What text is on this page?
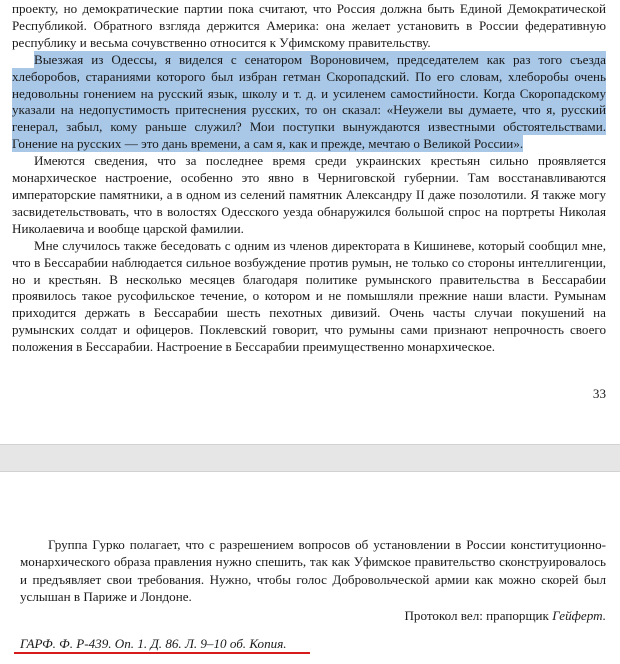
проекту, но демократические партии пока считают, что Россия должна быть Единой Демократической Республикой. Обратного взгляда держится Америка: она желает установить в России федеративную республику и весьма сочувственно относится к Уфимскому правительству.

Выезжая из Одессы, я виделся с сенатором Вороновичем, председателем как раз того съезда хлеборобов, стараниями которого был избран гетман Скоропадский. По его словам, хлеборобы очень недовольны гонением на русский язык, школу и т. д. и усиленем самостийности. Когда Скоропадскому указали на недопустимость притеснения русских, то он сказал: «Неужели вы думаете, что я, русский генерал, забыл, кому раньше служил? Мои поступки вынуждаются известными обстоятельствами. Гонение на русских — это дань времени, а сам я, как и прежде, мечтаю о Великой России».

Имеются сведения, что за последнее время среди украинских крестьян сильно проявляется монархическое настроение, особенно это явно в Черниговской губернии. Там восстанавливаются императорские памятники, а в одном из селений памятник Александру II даже позолотили. Я также могу засвидетельствовать, что в волостях Одесского уезда обнаружился большой спрос на портреты Николая Николаевича и вообще царской фамилии.

Мне случилось также беседовать с одним из членов директората в Кишиневе, который сообщил мне, что в Бессарабии наблюдается сильное возбуждение против румын, не только со стороны интеллигенции, но и крестьян. В несколько месяцев благодаря политике румынского правительства в Бессарабии проявилось такое русофильское течение, о котором и не помышляли прежние наши власти. Румынам приходится держать в Бессарабии шесть пехотных дивизий. Очень часты случаи покушений на румынских солдат и офицеров. Поклевский говорит, что румыны сами признают непрочность своего положения в Бессарабии. Настроение в Бессарабии преимущественно монархическое.

33

Группа Гурко полагает, что с разрешением вопросов об установлении в России конституционно-монархического образа правления нужно спешить, так как Уфимское правительство сконструировалось и предъявляет свои требования. Нужно, чтобы голос Добровольческой армии как можно скорей был услышан в Париже и Лондоне.

Протокол вел: прапорщик Гейферт.
ГАРФ. Ф. Р-439. Оп. 1. Д. 86. Л. 9–10 об. Копия.
